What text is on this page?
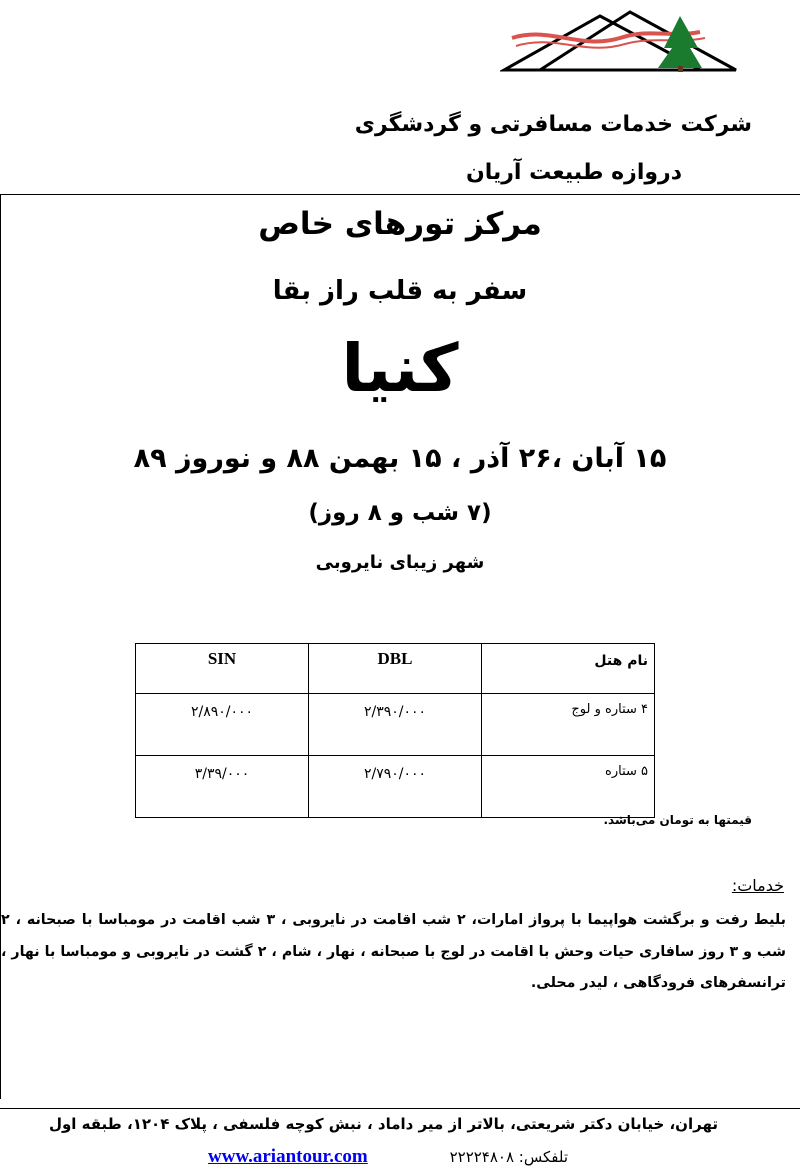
شرکت خدمات مسافرتی و گردشگری
دروازه طبیعت آریان
مرکز تورهای خاص
سفر به قلب راز بقا
کنیا
۱۵ آبان ،۲۶ آذر ، ۱۵ بهمن ۸۸ و نوروز ۸۹
(۷ شب و ۸ روز)
شهر زیبای نایروبی
نام هتل	DBL	SIN
۴ ستاره و لوج	۲/۳۹۰/۰۰۰	۲/۸۹۰/۰۰۰
۵ ستاره	۲/۷۹۰/۰۰۰	۳/۳۹/۰۰۰
قیمتها به تومان می‌باشد.
خدمات:
بلیط رفت و برگشت هواپیما با پرواز امارات، ۲ شب اقامت در نایروبی ، ۳ شب اقامت در مومباسا با صبحانه ، ۲ شب و ۳ روز سافاری حیات وحش با اقامت در لوج با صبحانه ، نهار ، شام ، ۲ گشت در نایروبی و مومباسا با نهار ، ترانسفرهای فرودگاهی ، لیدر محلی.
تهران، خیابان دکتر شریعتی، بالاتر از میر داماد ، نبش کوچه فلسفی ، پلاک ۱۲۰۴، طبقه اول
www.ariantour.com	تلفکس: ۲۲۲۲۴۸۰۸
